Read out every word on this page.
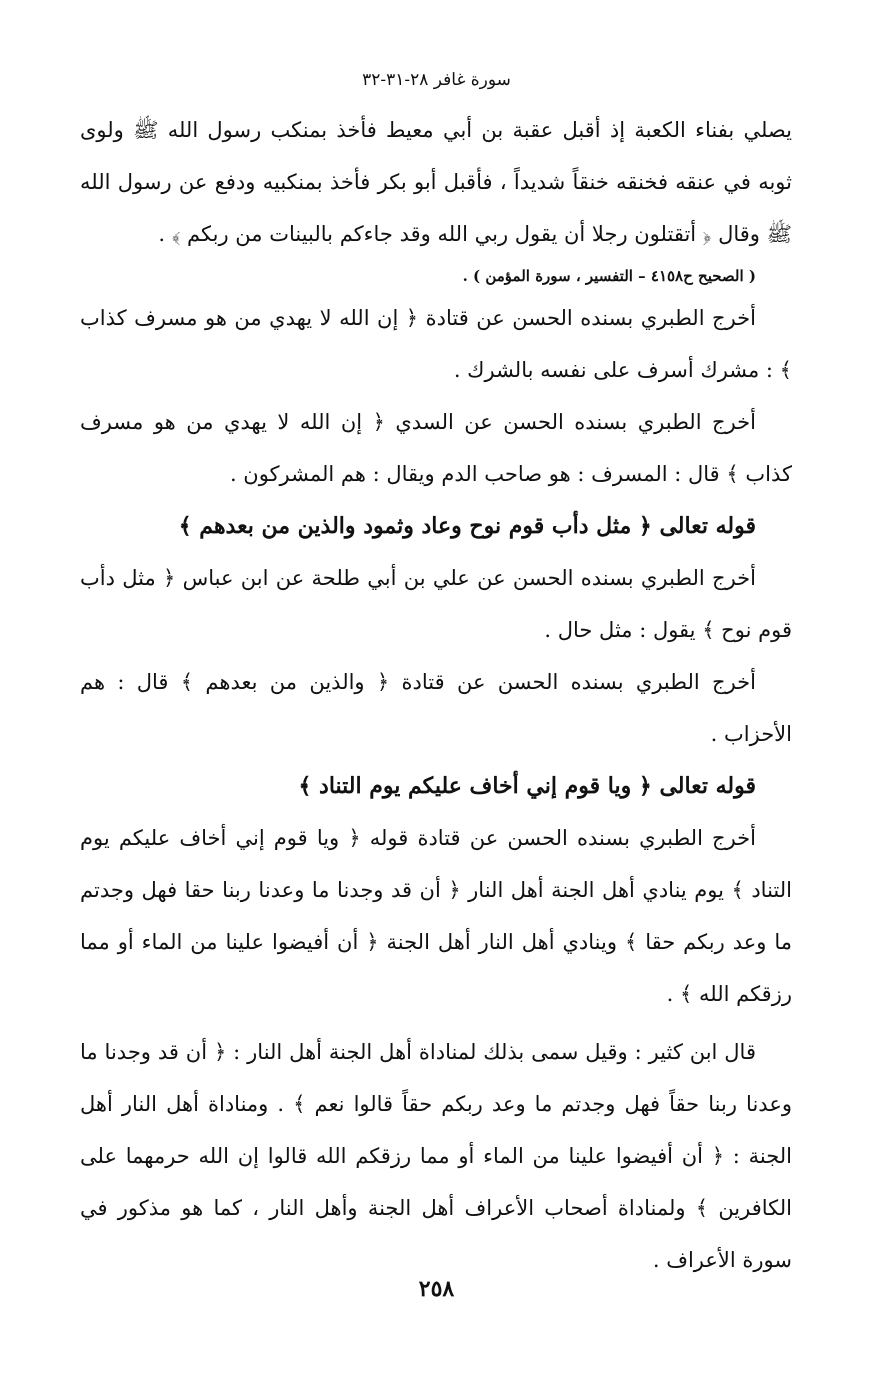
سورة غافر ٢٨-٣١-٣٢

يصلي بفناء الكعبة إذ أقبل عقبة بن أبي معيط فأخذ بمنكب رسول الله ﷺ ولوى ثوبه في عنقه فخنقه خنقاً شديداً ، فأقبل أبو بكر فأخذ بمنكبيه ودفع عن رسول الله ﷺ وقال ﴿ أتقتلون رجلا أن يقول ربي الله وقد جاءكم بالبينات من ربكم ﴾ .

( الصحيح ح٤١٥٨ – التفسير ، سورة المؤمن ) .

أخرج الطبري بسنده الحسن عن قتادة ﴿ إن الله لا يهدي من هو مسرف كذاب ﴾ : مشرك أسرف على نفسه بالشرك .

أخرج الطبري بسنده الحسن عن السدي ﴿ إن الله لا يهدي من هو مسرف كذاب ﴾ قال : المسرف : هو صاحب الدم ويقال : هم المشركون .

قوله تعالى ﴿ مثل دأب قوم نوح وعاد وثمود والذين من بعدهم ﴾

أخرج الطبري بسنده الحسن عن علي بن أبي طلحة عن ابن عباس ﴿ مثل دأب قوم نوح ﴾ يقول : مثل حال .

أخرج الطبري بسنده الحسن عن قتادة ﴿ والذين من بعدهم ﴾ قال : هم الأحزاب .

قوله تعالى ﴿ ويا قوم إني أخاف عليكم يوم التناد ﴾

أخرج الطبري بسنده الحسن عن قتادة قوله ﴿ ويا قوم إني أخاف عليكم يوم التناد ﴾ يوم ينادي أهل الجنة أهل النار ﴿ أن قد وجدنا ما وعدنا ربنا حقا فهل وجدتم ما وعد ربكم حقا ﴾ وينادي أهل النار أهل الجنة ﴿ أن أفيضوا علينا من الماء أو مما رزقكم الله ﴾ .

قال ابن كثير : وقيل سمى بذلك لمناداة أهل الجنة أهل النار : ﴿ أن قد وجدنا ما وعدنا ربنا حقاً فهل وجدتم ما وعد ربكم حقاً قالوا نعم ﴾ . ومناداة أهل النار أهل الجنة : ﴿ أن أفيضوا علينا من الماء أو مما رزقكم الله قالوا إن الله حرمهما على الكافرين ﴾ ولمناداة أصحاب الأعراف أهل الجنة وأهل النار ، كما هو مذكور في سورة الأعراف .

٢٥٨
